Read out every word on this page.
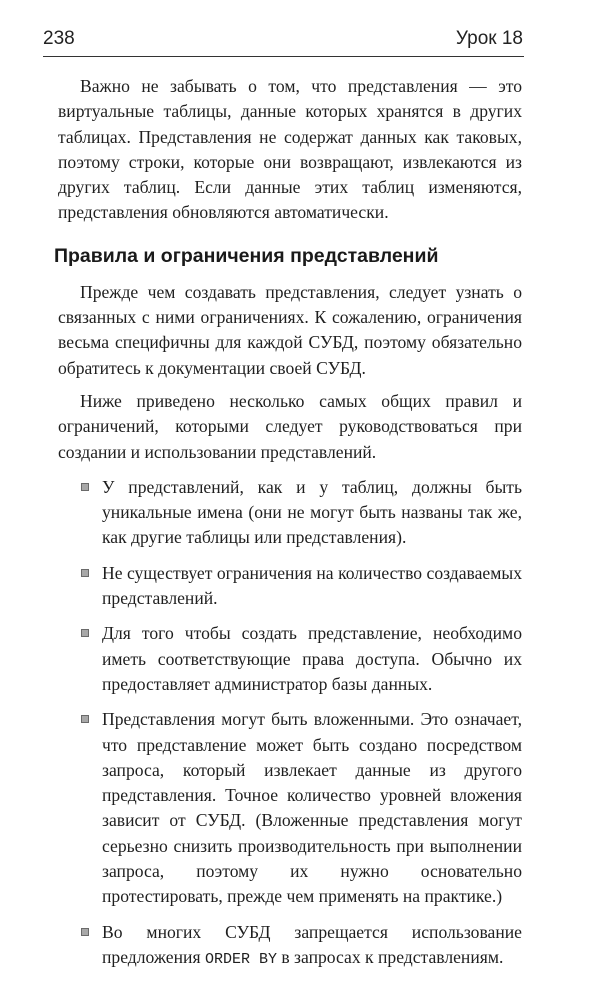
238	Урок 18

Важно не забывать о том, что представления — это виртуальные таблицы, данные которых хранятся в других таблицах. Представления не содержат данных как таковых, поэтому строки, которые они возвращают, извлекаются из других таблиц. Если данные этих таблиц изменяются, представления обновляются автоматически.

Правила и ограничения представлений

Прежде чем создавать представления, следует узнать о связанных с ними ограничениях. К сожалению, ограничения весьма специфичны для каждой СУБД, поэтому обязательно обратитесь к документации своей СУБД.

Ниже приведено несколько самых общих правил и ограничений, которыми следует руководствоваться при создании и использовании представлений.

У представлений, как и у таблиц, должны быть уникальные имена (они не могут быть названы так же, как другие таблицы или представления).
Не существует ограничения на количество создаваемых представлений.
Для того чтобы создать представление, необходимо иметь соответствующие права доступа. Обычно их предоставляет администратор базы данных.
Представления могут быть вложенными. Это означает, что представление может быть создано посредством запроса, который извлекает данные из другого представления. Точное количество уровней вложения зависит от СУБД. (Вложенные представления могут серьезно снизить производительность при выполнении запроса, поэтому их нужно основательно протестировать, прежде чем применять на практике.)
Во многих СУБД запрещается использование предложения ORDER BY в запросах к представлениям.
